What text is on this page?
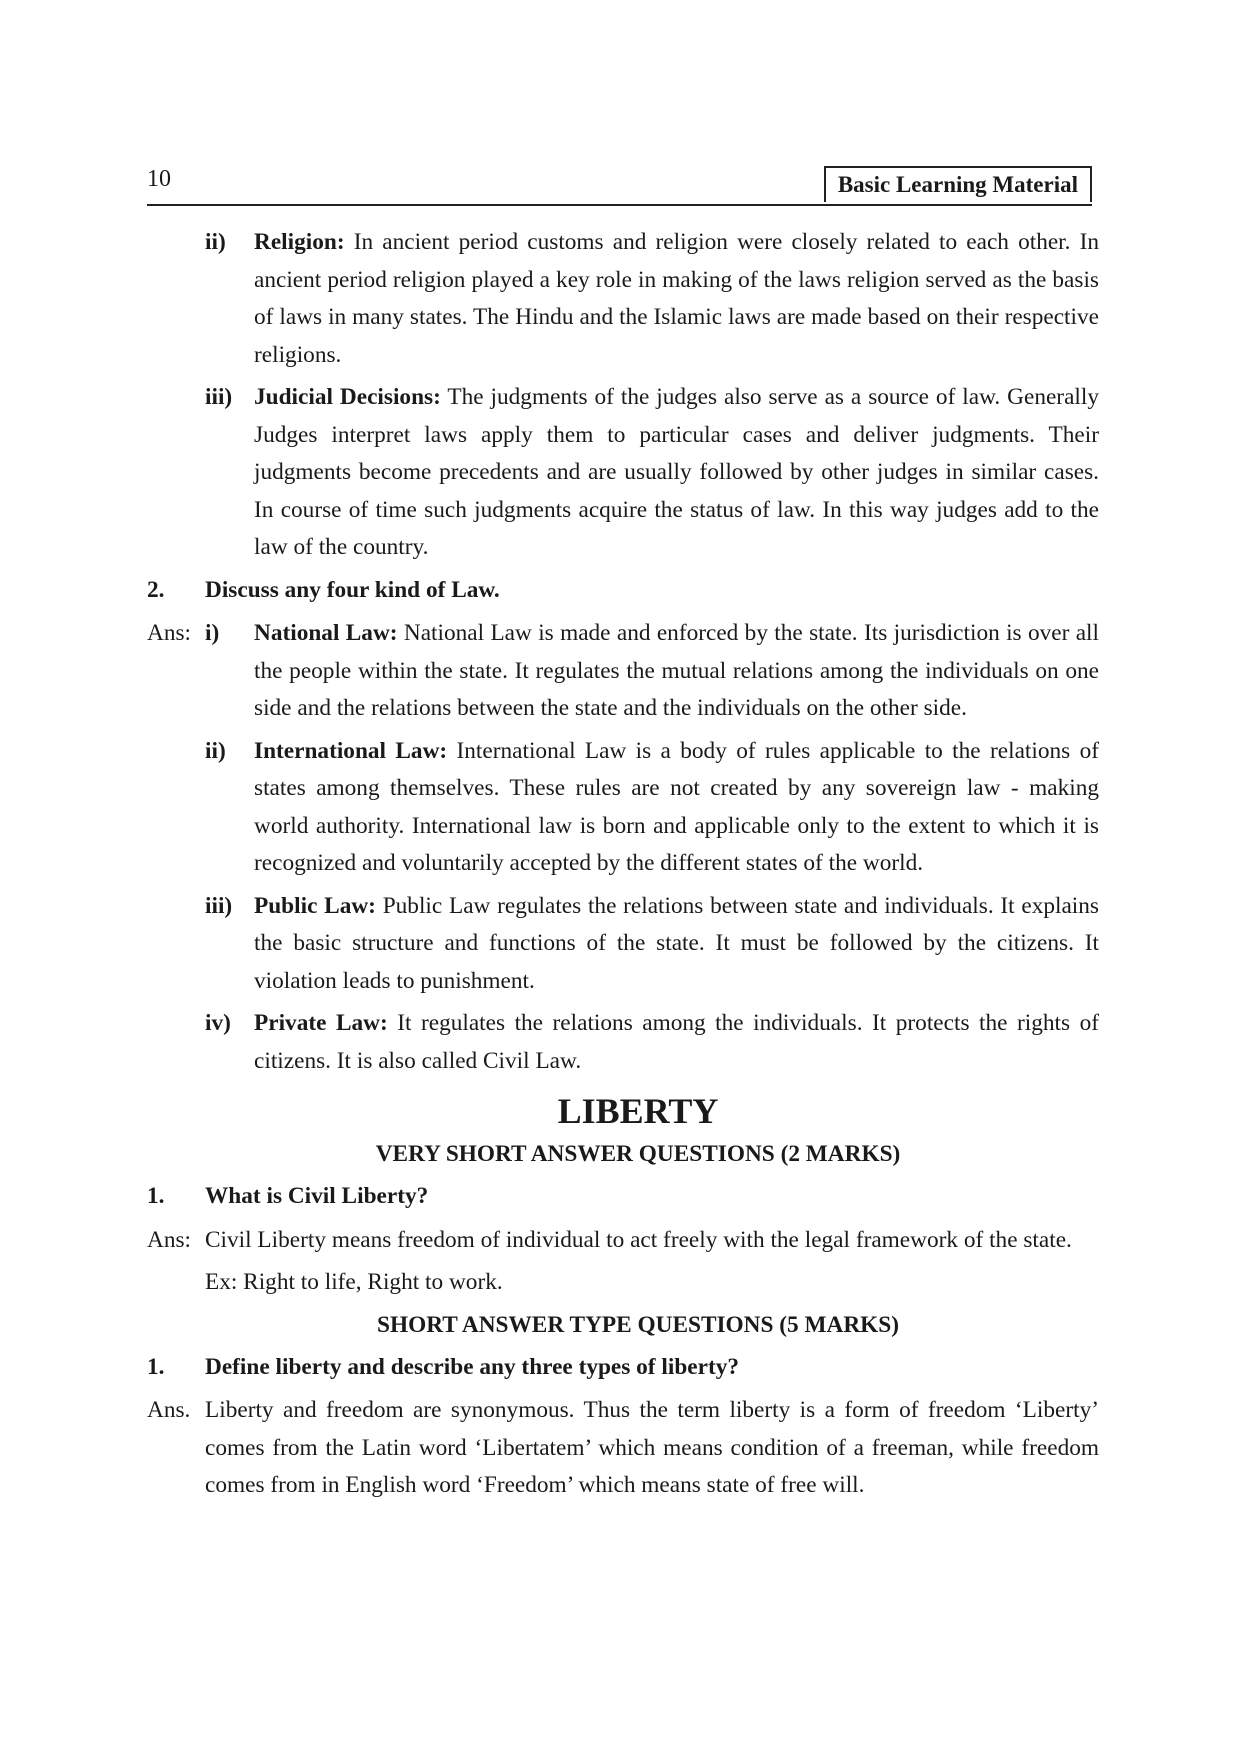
10	Basic Learning Material
ii) Religion: In ancient period customs and religion were closely related to each other. In ancient period religion played a key role in making of the laws religion served as the basis of laws in many states. The Hindu and the Islamic laws are made based on their respective religions.
iii) Judicial Decisions: The judgments of the judges also serve as a source of law. Generally Judges interpret laws apply them to particular cases and deliver judgments. Their judgments become precedents and are usually followed by other judges in similar cases. In course of time such judgments acquire the status of law. In this way judges add to the law of the country.
2. Discuss any four kind of Law.
Ans: i) National Law: National Law is made and enforced by the state. Its jurisdiction is over all the people within the state. It regulates the mutual relations among the individuals on one side and the relations between the state and the individuals on the other side.
ii) International Law: International Law is a body of rules applicable to the relations of states among themselves. These rules are not created by any sovereign law - making world authority. International law is born and applicable only to the extent to which it is recognized and voluntarily accepted by the different states of the world.
iii) Public Law: Public Law regulates the relations between state and individuals. It explains the basic structure and functions of the state. It must be followed by the citizens. It violation leads to punishment.
iv) Private Law: It regulates the relations among the individuals. It protects the rights of citizens. It is also called Civil Law.
LIBERTY
VERY SHORT ANSWER QUESTIONS (2 MARKS)
1. What is Civil Liberty?
Ans: Civil Liberty means freedom of individual to act freely with the legal framework of the state.
Ex: Right to life, Right to work.
SHORT ANSWER TYPE QUESTIONS (5 MARKS)
1. Define liberty and describe any three types of liberty?
Ans. Liberty and freedom are synonymous. Thus the term liberty is a form of freedom ‘Liberty’ comes from the Latin word ‘Libertatem’ which means condition of a freeman, while freedom comes from in English word ‘Freedom’ which means state of free will.
